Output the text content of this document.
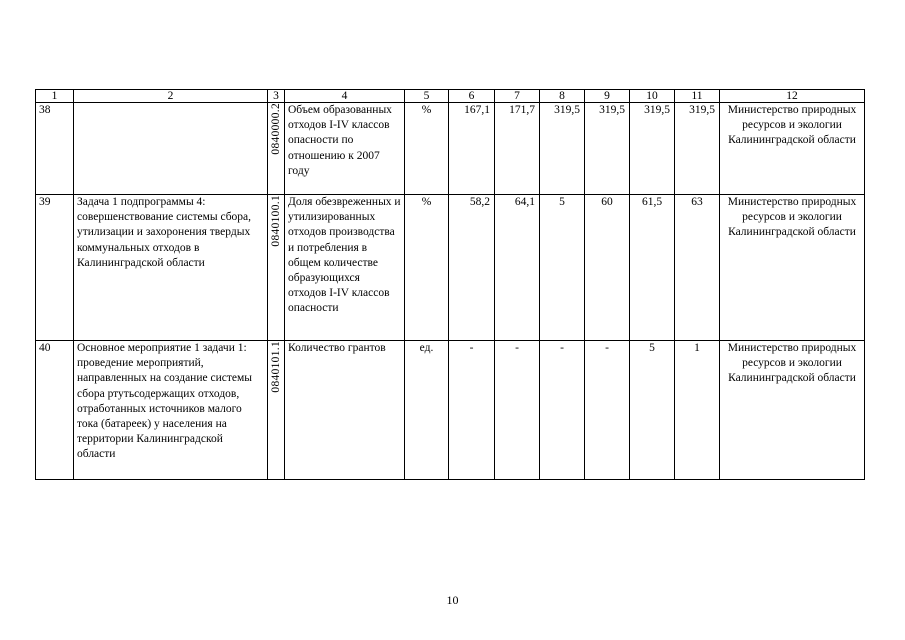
1	2	3	4	5	6	7	8	9	10	11	12
38		0840000.2	Объем образованных отходов I-IV классов опасности по отношению к 2007 году	%	167,1	171,7	319,5	319,5	319,5	319,5	Министерство природных ресурсов и экологии Калининградской области
39	Задача 1 подпрограммы 4: совершенствование системы сбора, утилизации и захоронения твердых коммунальных отходов в Калининградской области	0840100.1	Доля обезвреженных и утилизированных отходов производства и потребления в общем количестве образующихся отходов I-IV классов опасности	%	58,2	64,1	5	60	61,5	63	Министерство природных ресурсов и экологии Калининградской области
40	Основное мероприятие 1 задачи 1: проведение мероприятий, направленных на создание системы сбора ртутьсодержащих отходов, отработанных источников малого тока (батареек) у населения на территории Калининградской области	0840101.1	Количество грантов	ед.	-	-	-	-	5	1	Министерство природных ресурсов и экологии Калининградской области
10
